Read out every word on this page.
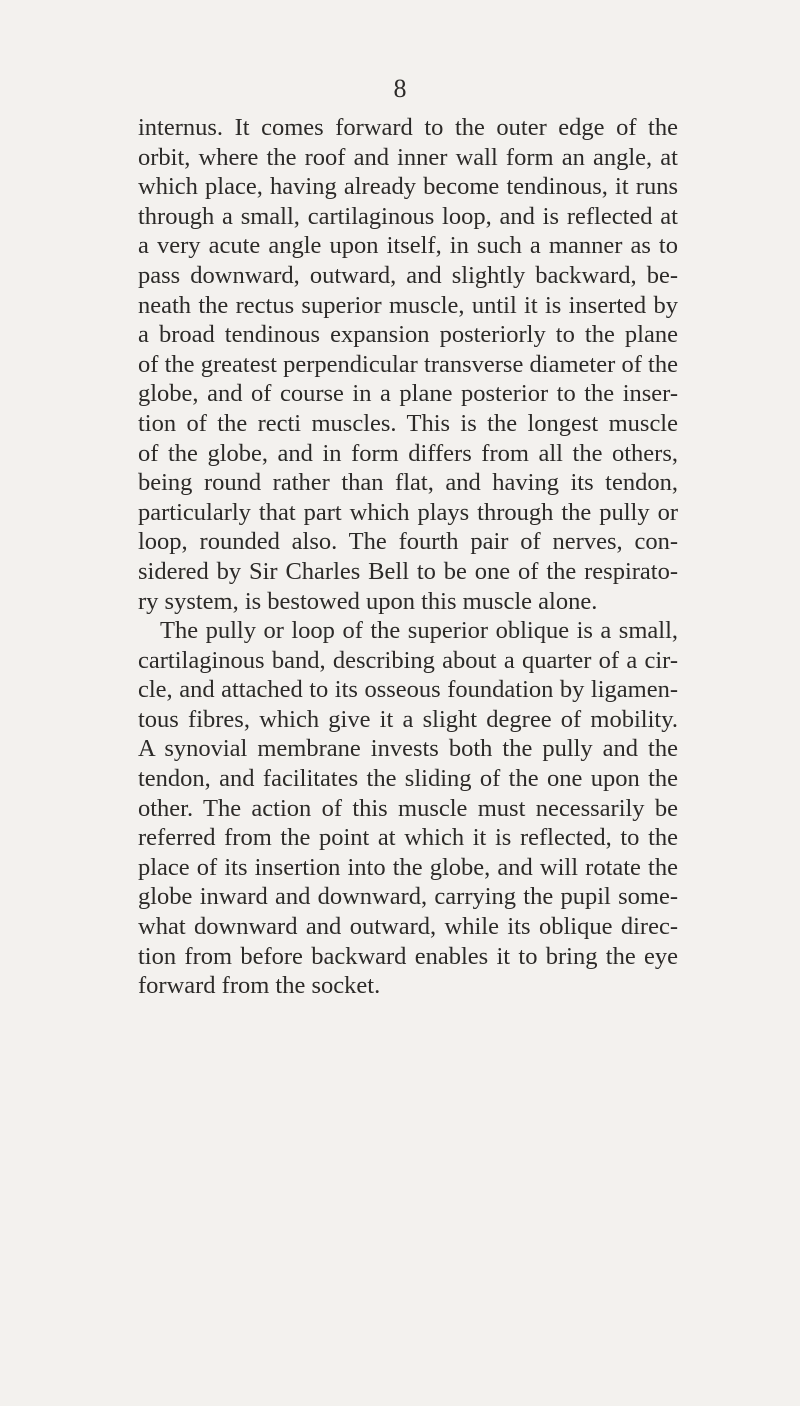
8
internus. It comes forward to the outer edge of the
orbit, where the roof and inner wall form an angle, at
which place, having already become tendinous, it runs
through a small, cartilaginous loop, and is reflected at
a very acute angle upon itself, in such a manner as to
pass downward, outward, and slightly backward, be-
neath the rectus superior muscle, until it is inserted by
a broad tendinous expansion posteriorly to the plane
of the greatest perpendicular transverse diameter of the
globe, and of course in a plane posterior to the inser-
tion of the recti muscles. This is the longest muscle
of the globe, and in form differs from all the others,
being round rather than flat, and having its tendon,
particularly that part which plays through the pully or
loop, rounded also. The fourth pair of nerves, con-
sidered by Sir Charles Bell to be one of the respirato-
ry system, is bestowed upon this muscle alone.
The pully or loop of the superior oblique is a small,
cartilaginous band, describing about a quarter of a cir-
cle, and attached to its osseous foundation by ligamen-
tous fibres, which give it a slight degree of mobility.
A synovial membrane invests both the pully and the
tendon, and facilitates the sliding of the one upon the
other. The action of this muscle must necessarily be
referred from the point at which it is reflected, to the
place of its insertion into the globe, and will rotate the
globe inward and downward, carrying the pupil some-
what downward and outward, while its oblique direc-
tion from before backward enables it to bring the eye
forward from the socket.
